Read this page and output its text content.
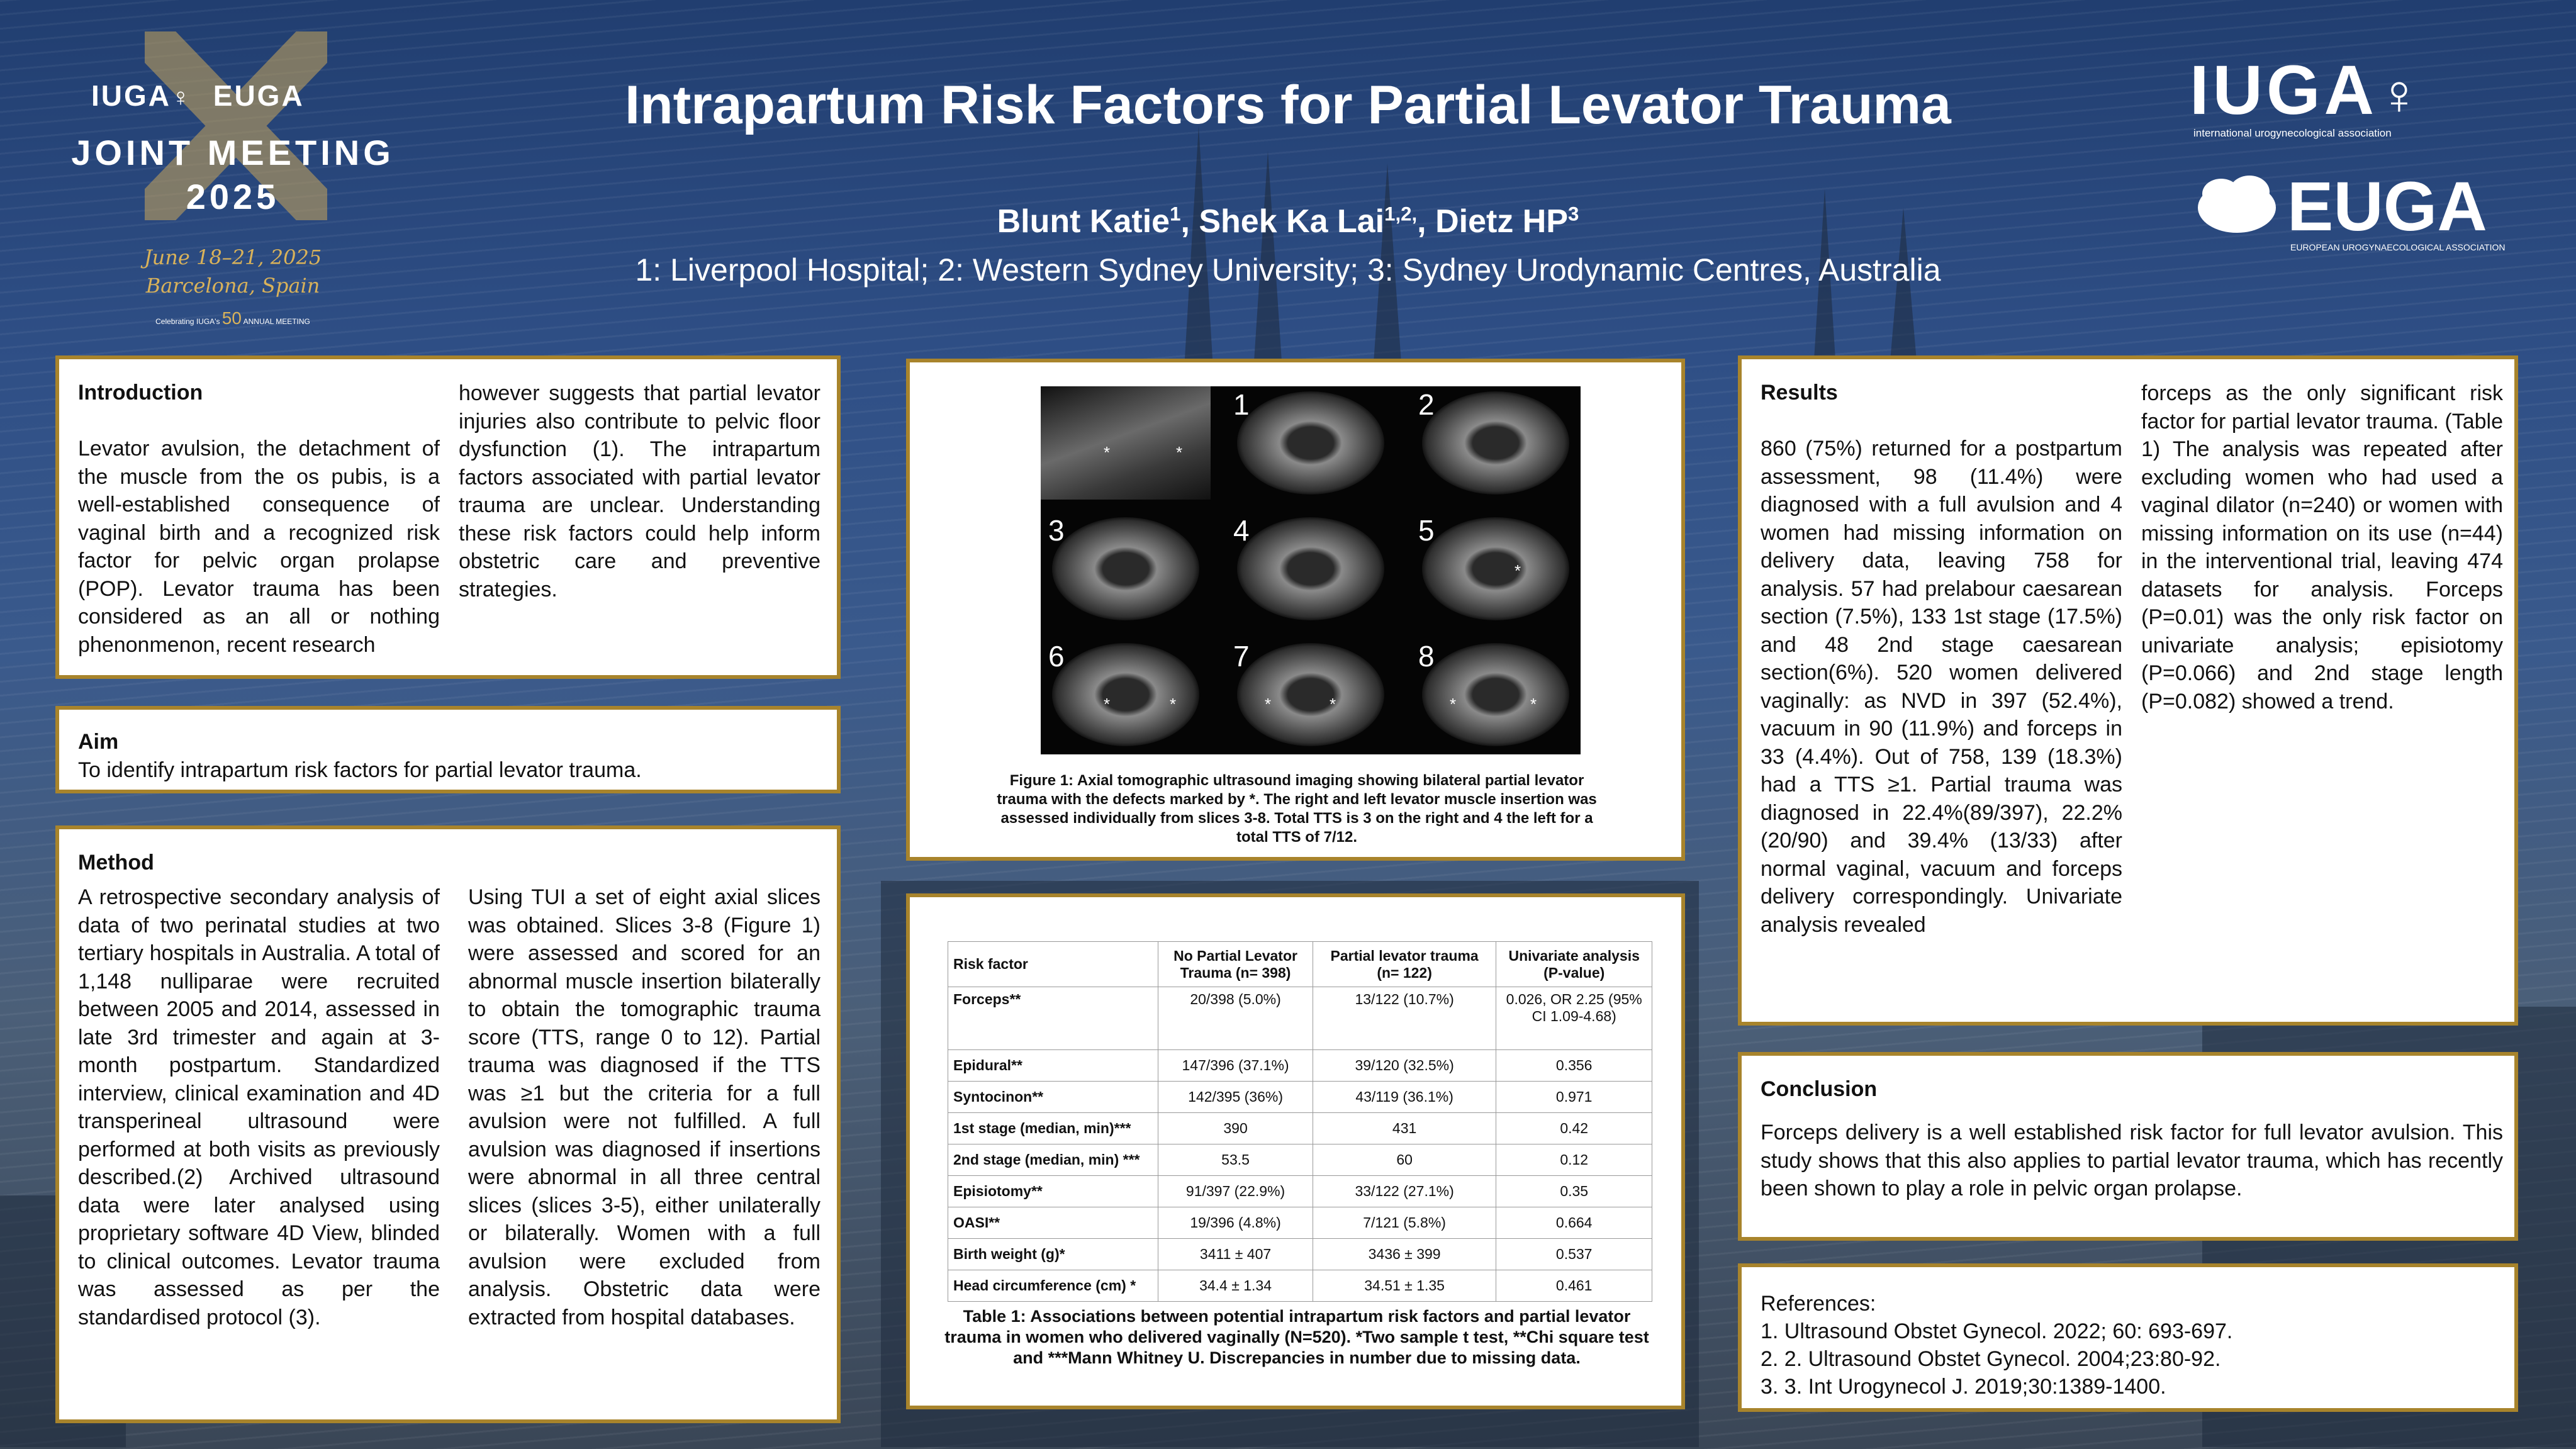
IUGA♀ EUGA
JOINT MEETING
2025
June 18–21, 2025
Barcelona, Spain
Celebrating IUGA's 50 ANNUAL MEETING
Intrapartum Risk Factors for Partial Levator Trauma
Blunt Katie$^1$, Shek Ka Lai$^{1,2,}$, Dietz $HP^3$
1: Liverpool Hospital; 2: Western Sydney University; 3: Sydney Urodynamic Centres, Australia
IUGA♀
international urogynecological association
EUGA
EUROPEAN UROGYNAECOLOGICAL ASSOCIATION
Introduction
Levator avulsion, the detachment of the muscle from the os pubis, is a well-established consequence of vaginal birth and a recognized risk factor for pelvic organ prolapse (POP). Levator trauma has been considered as an all or nothing phenonmenon, recent research
however suggests that partial levator injuries also contribute to pelvic floor dysfunction (1). The intrapartum factors associated with partial levator trauma are unclear. Understanding these risk factors could help inform obstetric care and preventive strategies.
Aim
To identify intrapartum risk factors for partial levator trauma.
Method
A retrospective secondary analysis of data of two perinatal studies at two tertiary hospitals in Australia. A total of 1,148 nulliparae were recruited between 2005 and 2014, assessed in late 3rd trimester and again at 3-month postpartum. Standardized interview, clinical examination and 4D transperineal ultrasound were performed at both visits as previously described.(2) Archived ultrasound data were later analysed using proprietary software 4D View, blinded to clinical outcomes. Levator trauma was assessed as per the standardised protocol (3).
Using TUI a set of eight axial slices was obtained. Slices 3-8 (Figure 1) were assessed and scored for an abnormal muscle insertion bilaterally to obtain the tomographic trauma score (TTS, range 0 to 12). Partial trauma was diagnosed if the TTS was ≥1 but the criteria for a full avulsion were not fulfilled. A full avulsion was diagnosed if insertions were abnormal in all three central slices (slices 3-5), either unilaterally or bilaterally. Women with a full avulsion were excluded from analysis. Obstetric data were extracted from hospital databases.
*	*
1	2
3	4	5
*
6
*	*
7
*	*
8
*	*
Figure 1: Axial tomographic ultrasound imaging showing bilateral partial levator trauma with the defects marked by *. The right and left levator muscle insertion was assessed individually from slices 3-8. Total TTS is 3 on the right and 4 the left for a total TTS of 7/12.
Risk factor	No Partial Levator Trauma (n= 398)	Partial levator trauma (n= 122)	Univariate analysis (P-value)
Forceps**	20/398 (5.0%)	13/122 (10.7%)	0.026, OR 2.25 (95% CI 1.09-4.68)
Epidural**	147/396 (37.1%)	39/120 (32.5%)	0.356
Syntocinon**	142/395 (36%)	43/119 (36.1%)	0.971
1st stage (median, min)***	390	431	0.42
2nd stage (median, min) ***	53.5	60	0.12
Episiotomy**	91/397 (22.9%)	33/122 (27.1%)	0.35
OASI**	19/396 (4.8%)	7/121 (5.8%)	0.664
Birth weight (g)*	3411 ± 407	3436 ± 399	0.537
Head circumference (cm) *	34.4 ± 1.34	34.51 ± 1.35	0.461
Table 1: Associations between potential intrapartum risk factors and partial levator trauma in women who delivered vaginally (N=520). *Two sample t test, **Chi square test and ***Mann Whitney U. Discrepancies in number due to missing data.
Results
860 (75%) returned for a postpartum assessment, 98 (11.4%) were diagnosed with a full avulsion and 4 women had missing information on delivery data, leaving 758 for analysis. 57 had prelabour caesarean section (7.5%), 133 1st stage (17.5%) and 48 2nd stage caesarean section(6%). 520 women delivered vaginally: as NVD in 397 (52.4%), vacuum in 90 (11.9%) and forceps in 33 (4.4%). Out of 758, 139 (18.3%) had a TTS ≥1. Partial trauma was diagnosed in 22.4%(89/397), 22.2% (20/90) and 39.4% (13/33) after normal vaginal, vacuum and forceps delivery correspondingly. Univariate analysis revealed
forceps as the only significant risk factor for partial levator trauma. (Table 1) The analysis was repeated after excluding women who had used a vaginal dilator (n=240) or women with missing information on its use (n=44) in the interventional trial, leaving 474 datasets for analysis. Forceps (P=0.01) was the only risk factor on univariate analysis; episiotomy (P=0.066) and 2nd stage length (P=0.082) showed a trend.
Conclusion
Forceps delivery is a well established risk factor for full levator avulsion. This study shows that this also applies to partial levator trauma, which has recently been shown to play a role in pelvic organ prolapse.
References:
1. Ultrasound Obstet Gynecol. 2022; 60: 693-697.
2. 2. Ultrasound Obstet Gynecol. 2004;23:80-92.
3. 3. Int Urogynecol J. 2019;30:1389-1400.
